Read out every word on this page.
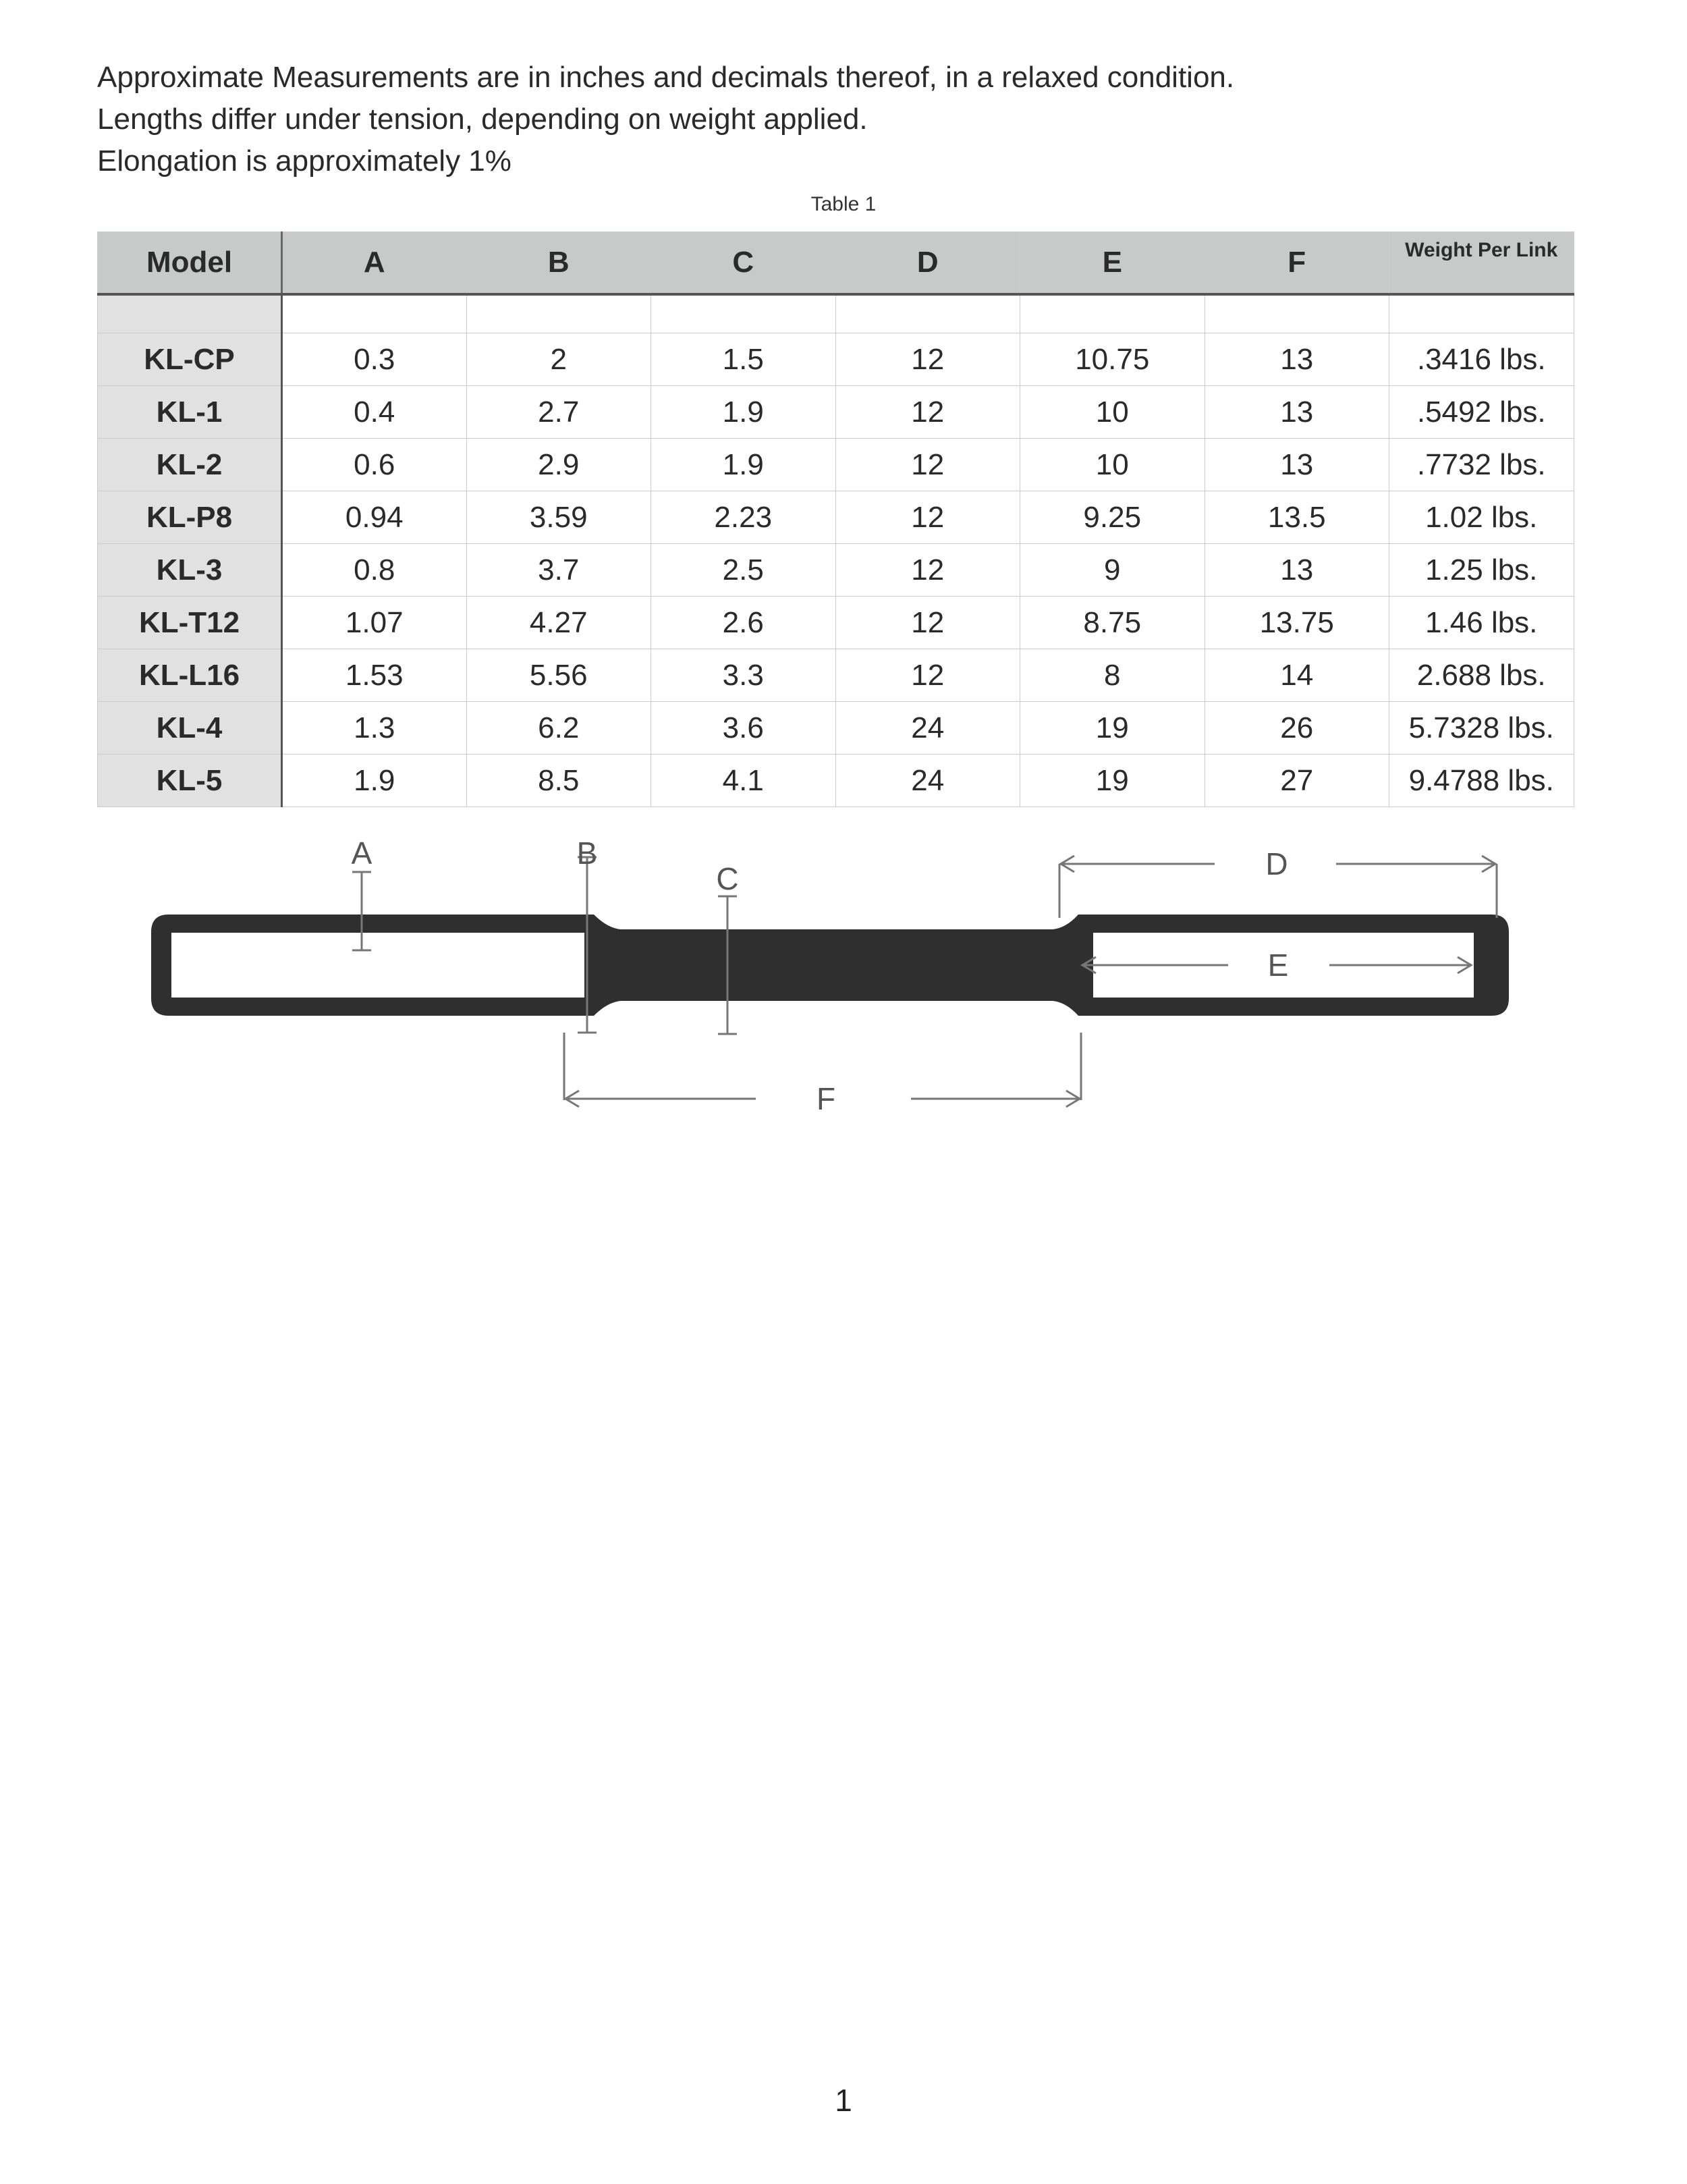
Approximate Measurements are in inches and decimals thereof, in a relaxed condition.

Lengths differ under tension, depending on weight applied.

Elongation is approximately 1%

Table 1
Model	A	B	C	D	E	F	Weight Per Link

KL-CP	0.3	2	1.5	12	10.75	13	.3416 lbs.
KL-1	0.4	2.7	1.9	12	10	13	.5492 lbs.
KL-2	0.6	2.9	1.9	12	10	13	.7732 lbs.
KL-P8	0.94	3.59	2.23	12	9.25	13.5	1.02 lbs.
KL-3	0.8	3.7	2.5	12	9	13	1.25 lbs.
KL-T12	1.07	4.27	2.6	12	8.75	13.75	1.46 lbs.
KL-L16	1.53	5.56	3.3	12	8	14	2.688 lbs.
KL-4	1.3	6.2	3.6	24	19	26	5.7328 lbs.
KL-5	1.9	8.5	4.1	24	19	27	9.4788 lbs.
A	B
C	D
E
F
1
